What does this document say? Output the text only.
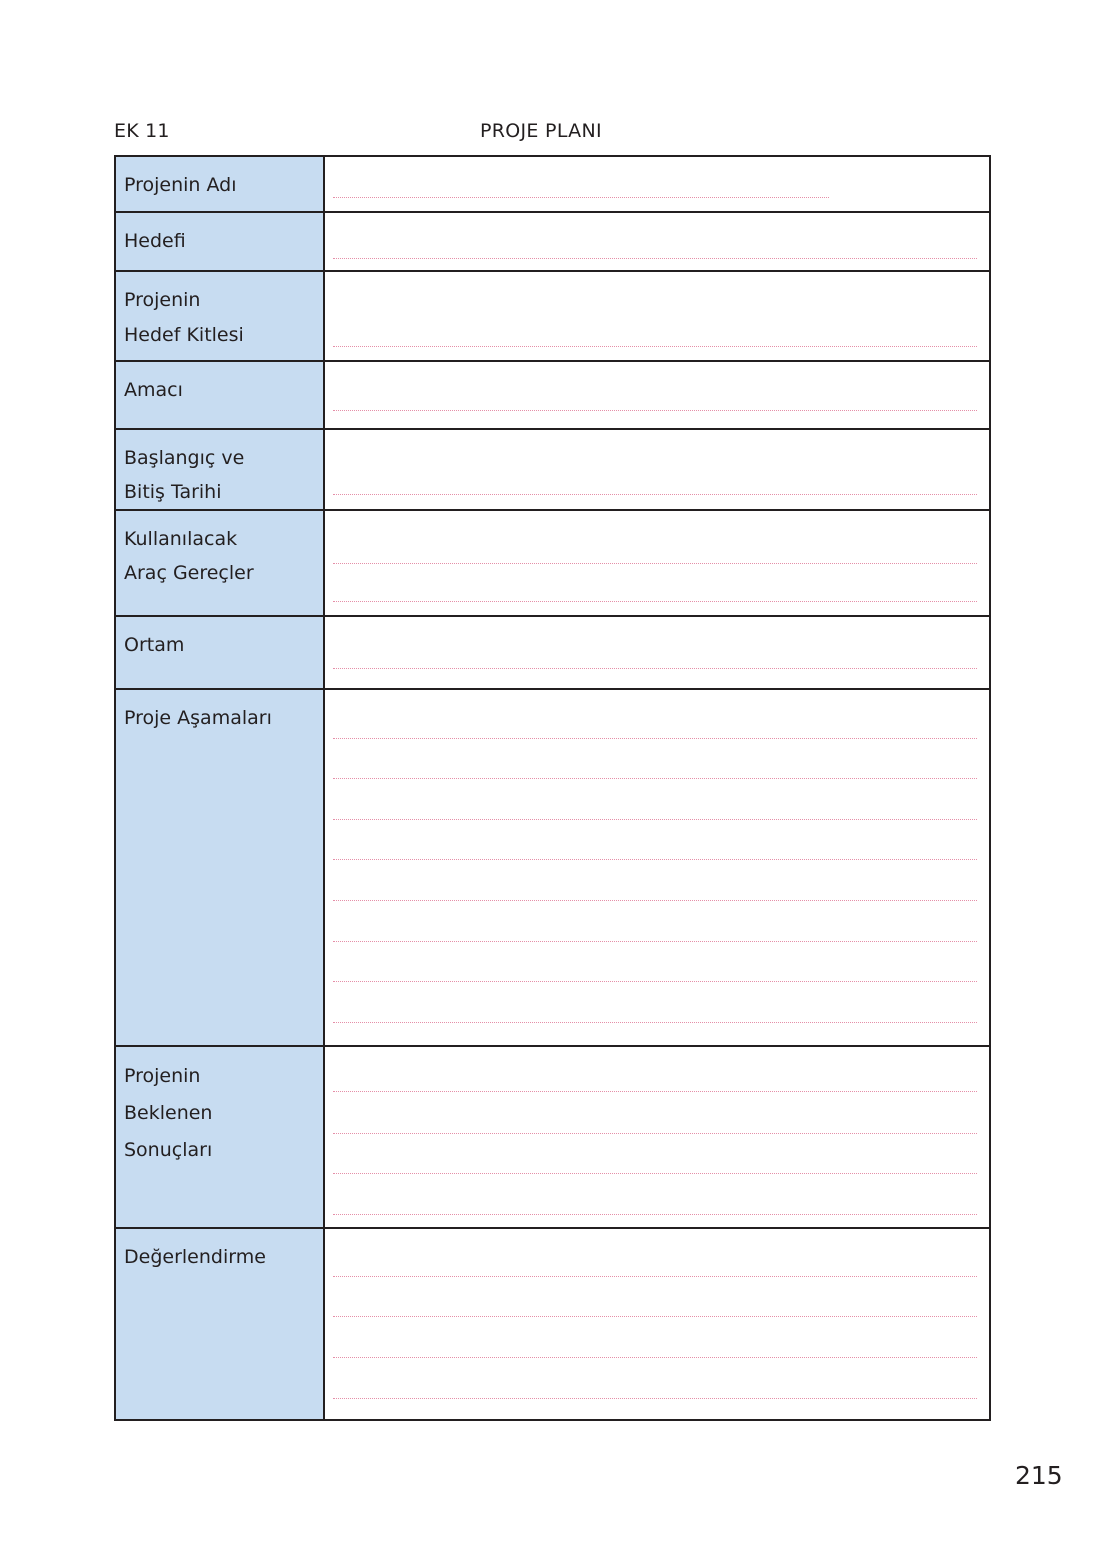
EK 11	PROJE PLANI
Projenin Adı	

Hedefi	

Projenin
Hedef Kitlesi	

Amacı	

Başlangıç ve
Bitiş Tarihi	

Kullanılacak
Araç Gereçler	

Ortam	

Proje Aşamaları	

Projenin
Beklenen
Sonuçları	

Değerlendirme	

215
